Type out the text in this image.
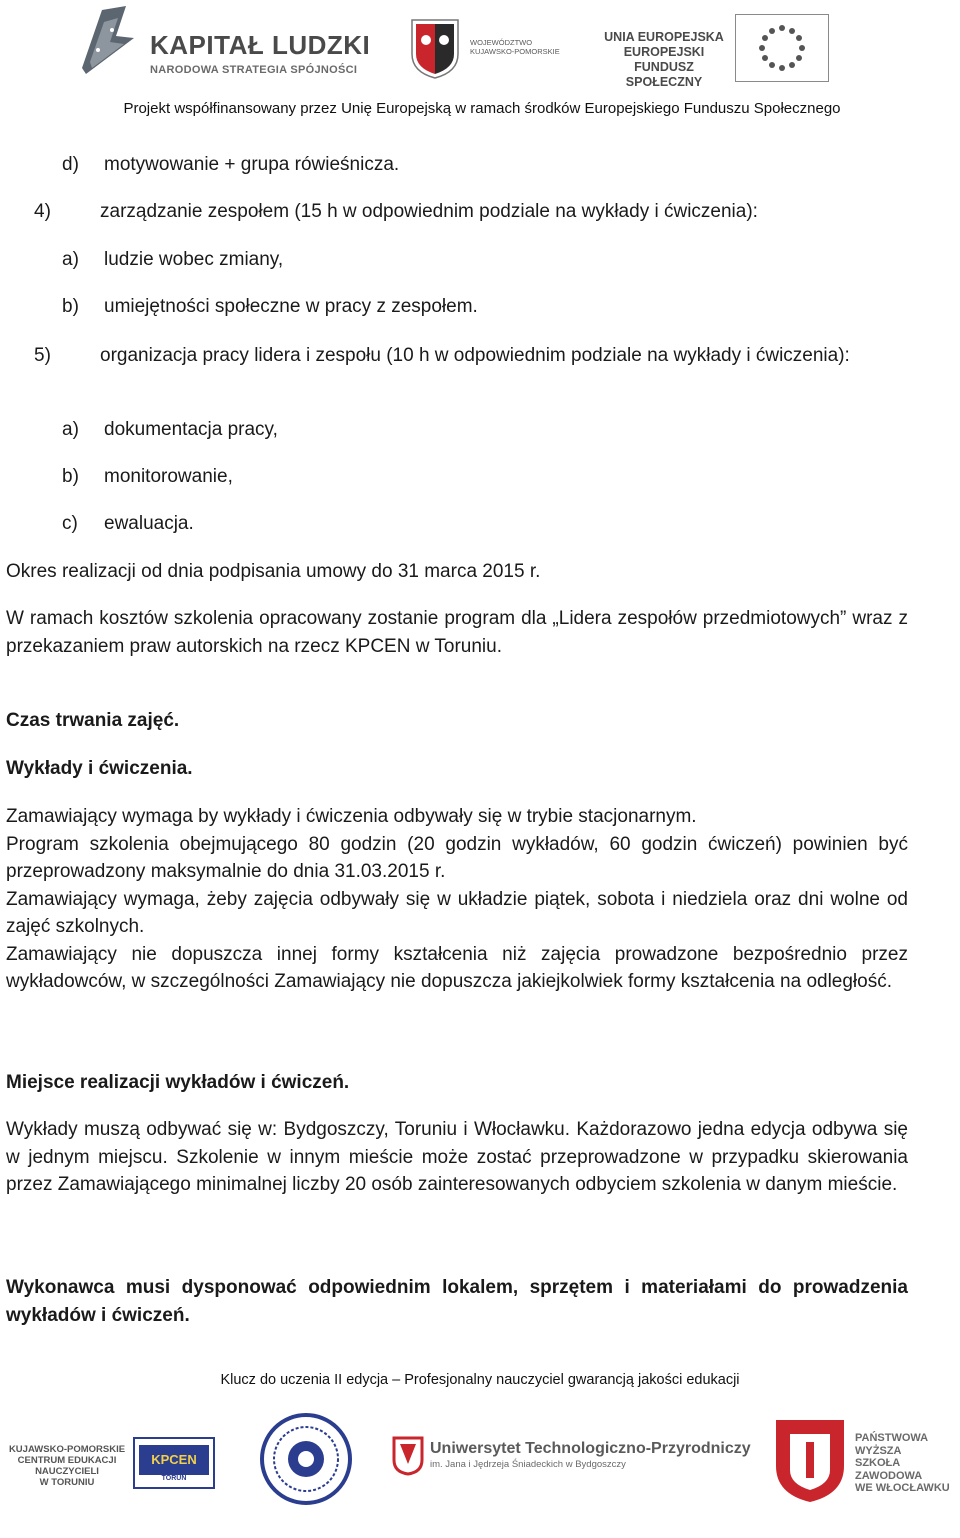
KAPITAŁ LUDZKI
NARODOWA STRATEGIA SPÓJNOŚCI
WOJEWÓDZTWO
KUJAWSKO-POMORSKIE
UNIA EUROPEJSKA
EUROPEJSKI
FUNDUSZ SPOŁECZNY
Projekt współfinansowany przez Unię Europejską w ramach środków Europejskiego Funduszu Społecznego
d) motywowanie + grupa rówieśnicza.
4)	zarządzanie zespołem (15 h w odpowiednim podziale na wykłady i ćwiczenia):
a) ludzie wobec zmiany,
b) umiejętności społeczne w pracy z zespołem.
5)	organizacja pracy lidera i zespołu (10 h w odpowiednim podziale na wykłady i ćwiczenia):
a) dokumentacja pracy,
b) monitorowanie,
c) ewaluacja.
Okres realizacji od dnia podpisania umowy do 31 marca 2015 r.

W ramach kosztów szkolenia opracowany zostanie program dla „Lidera zespołów przedmiotowych” wraz z przekazaniem praw autorskich na rzecz KPCEN w Toruniu.

Czas trwania zajęć.
Wykłady i ćwiczenia.

Zamawiający wymaga by wykłady i ćwiczenia odbywały się w trybie stacjonarnym.

Program szkolenia obejmującego 80 godzin (20 godzin wykładów, 60 godzin ćwiczeń) powinien być przeprowadzony maksymalnie do dnia 31.03.2015 r.

Zamawiający wymaga, żeby zajęcia odbywały się w układzie piątek, sobota i niedziela oraz dni wolne od zajęć szkolnych.

Zamawiający nie dopuszcza innej formy kształcenia niż zajęcia prowadzone bezpośrednio przez wykładowców, w szczególności Zamawiający nie dopuszcza jakiejkolwiek formy kształcenia na odległość.

Miejsce realizacji wykładów i ćwiczeń.

Wykłady muszą odbywać się w: Bydgoszczy, Toruniu i Włocławku. Każdorazowo jedna edycja odbywa się w jednym miejscu. Szkolenie w innym mieście może zostać przeprowadzone w przypadku skierowania przez Zamawiającego minimalnej liczby 20 osób zainteresowanych odbyciem szkolenia w danym mieście.

Wykonawca musi dysponować odpowiednim lokalem, sprzętem i materiałami do prowadzenia wykładów i ćwiczeń.

Klucz do uczenia II edycja – Profesjonalny nauczyciel gwarancją jakości edukacji
KUJAWSKO-POMORSKIE
CENTRUM EDUKACJI
NAUCZYCIELI
W TORUNIU
KPCEN
TORUŃ
Uniwersytet Technologiczno-Przyrodniczy
im. Jana i Jędrzeja Śniadeckich w Bydgoszczy
PAŃSTWOWA
WYŻSZA
SZKOŁA
ZAWODOWA
WE WŁOCŁAWKU
